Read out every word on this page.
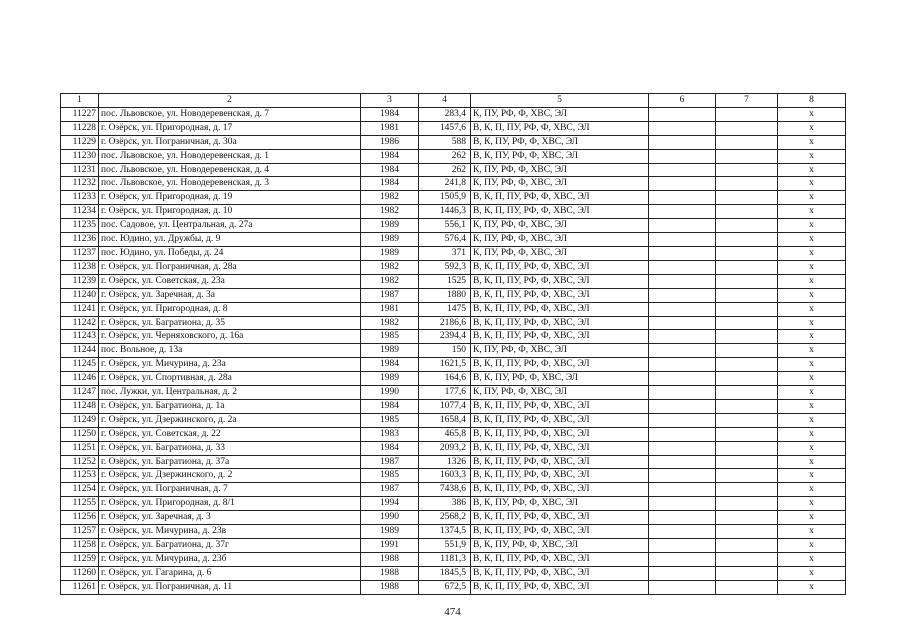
1	2	3	4	5	6	7	8
11227	пос. Львовское, ул. Новодеревенская, д. 7	1984	283,4	К, ПУ, РФ, Ф, ХВС, ЭЛ			х
11228	г. Озёрск, ул. Пригородная, д. 17	1981	1457,6	В, К, П, ПУ, РФ, Ф, ХВС, ЭЛ			х
11229	г. Озёрск, ул. Пограничная, д. 30а	1986	588	В, К, ПУ, РФ, Ф, ХВС, ЭЛ			х
11230	пос. Львовское, ул. Новодеревенская, д. 1	1984	262	В, К, ПУ, РФ, Ф, ХВС, ЭЛ			х
11231	пос. Львовское, ул. Новодеревенская, д. 4	1984	262	К, ПУ, РФ, Ф, ХВС, ЭЛ			х
11232	пос. Львовское, ул. Новодеревенская, д. 3	1984	241,8	К, ПУ, РФ, Ф, ХВС, ЭЛ			х
11233	г. Озёрск, ул. Пригородная, д. 19	1982	1505,9	В, К, П, ПУ, РФ, Ф, ХВС, ЭЛ			х
11234	г. Озёрск, ул. Пригородная, д. 10	1982	1446,3	В, К, П, ПУ, РФ, Ф, ХВС, ЭЛ			х
11235	пос. Садовое, ул. Центральная, д. 27а	1989	556,1	К, ПУ, РФ, Ф, ХВС, ЭЛ			х
11236	пос. Юдино, ул. Дружбы, д. 9	1989	576,4	К, ПУ, РФ, Ф, ХВС, ЭЛ			х
11237	пос. Юдино, ул. Победы, д. 24	1989	371	К, ПУ, РФ, Ф, ХВС, ЭЛ			х
11238	г. Озёрск, ул. Пограничная, д. 28а	1982	592,3	В, К, П, ПУ, РФ, Ф, ХВС, ЭЛ			х
11239	г. Озёрск, ул. Советская, д. 23а	1982	1525	В, К, П, ПУ, РФ, Ф, ХВС, ЭЛ			х
11240	г. Озёрск, ул. Заречная, д. 3а	1987	1880	В, К, П, ПУ, РФ, Ф, ХВС, ЭЛ			х
11241	г. Озёрск, ул. Пригородная, д. 8	1981	1475	В, К, П, ПУ, РФ, Ф, ХВС, ЭЛ			х
11242	г. Озёрск, ул. Багратиона, д. 35	1982	2186,6	В, К, П, ПУ, РФ, Ф, ХВС, ЭЛ			х
11243	г. Озёрск, ул. Черняховского, д. 16а	1985	2394,4	В, К, П, ПУ, РФ, Ф, ХВС, ЭЛ			х
11244	пос. Вольное, д. 13а	1989	150	К, ПУ, РФ, Ф, ХВС, ЭЛ			х
11245	г. Озёрск, ул. Мичурина, д. 23а	1984	1621,5	В, К, П, ПУ, РФ, Ф, ХВС, ЭЛ			х
11246	г. Озёрск, ул. Спортивная, д. 28а	1989	164,6	В, К, ПУ, РФ, Ф, ХВС, ЭЛ			х
11247	пос. Лужки, ул. Центральная, д. 2	1990	177,6	К, ПУ, РФ, Ф, ХВС, ЭЛ			х
11248	г. Озёрск, ул. Багратиона, д. 1а	1984	1077,4	В, К, П, ПУ, РФ, Ф, ХВС, ЭЛ			х
11249	г. Озёрск, ул. Дзержинского, д. 2а	1985	1658,4	В, К, П, ПУ, РФ, Ф, ХВС, ЭЛ			х
11250	г. Озёрск, ул. Советская, д. 22	1983	465,8	В, К, П, ПУ, РФ, Ф, ХВС, ЭЛ			х
11251	г. Озёрск, ул. Багратиона, д. 33	1984	2093,2	В, К, П, ПУ, РФ, Ф, ХВС, ЭЛ			х
11252	г. Озёрск, ул. Багратиона, д. 37а	1987	1326	В, К, П, ПУ, РФ, Ф, ХВС, ЭЛ			х
11253	г. Озёрск, ул. Дзержинского, д. 2	1985	1603,3	В, К, П, ПУ, РФ, Ф, ХВС, ЭЛ			х
11254	г. Озёрск, ул. Пограничная, д. 7	1987	7438,6	В, К, П, ПУ, РФ, Ф, ХВС, ЭЛ			х
11255	г. Озёрск, ул. Пригородная, д. 8/1	1994	386	В, К, ПУ, РФ, Ф, ХВС, ЭЛ			х
11256	г. Озёрск, ул. Заречная, д. 3	1990	2568,2	В, К, П, ПУ, РФ, Ф, ХВС, ЭЛ			х
11257	г. Озёрск, ул. Мичурина, д. 23в	1989	1374,5	В, К, П, ПУ, РФ, Ф, ХВС, ЭЛ			х
11258	г. Озёрск, ул. Багратиона, д. 37г	1991	551,9	В, К, ПУ, РФ, Ф, ХВС, ЭЛ			х
11259	г. Озёрск, ул. Мичурина, д. 23б	1988	1181,3	В, К, П, ПУ, РФ, Ф, ХВС, ЭЛ			х
11260	г. Озёрск, ул. Гагарина, д. 6	1988	1845,5	В, К, П, ПУ, РФ, Ф, ХВС, ЭЛ			х
11261	г. Озёрск, ул. Пограничная, д. 11	1988	672,5	В, К, П, ПУ, РФ, Ф, ХВС, ЭЛ			х
474
